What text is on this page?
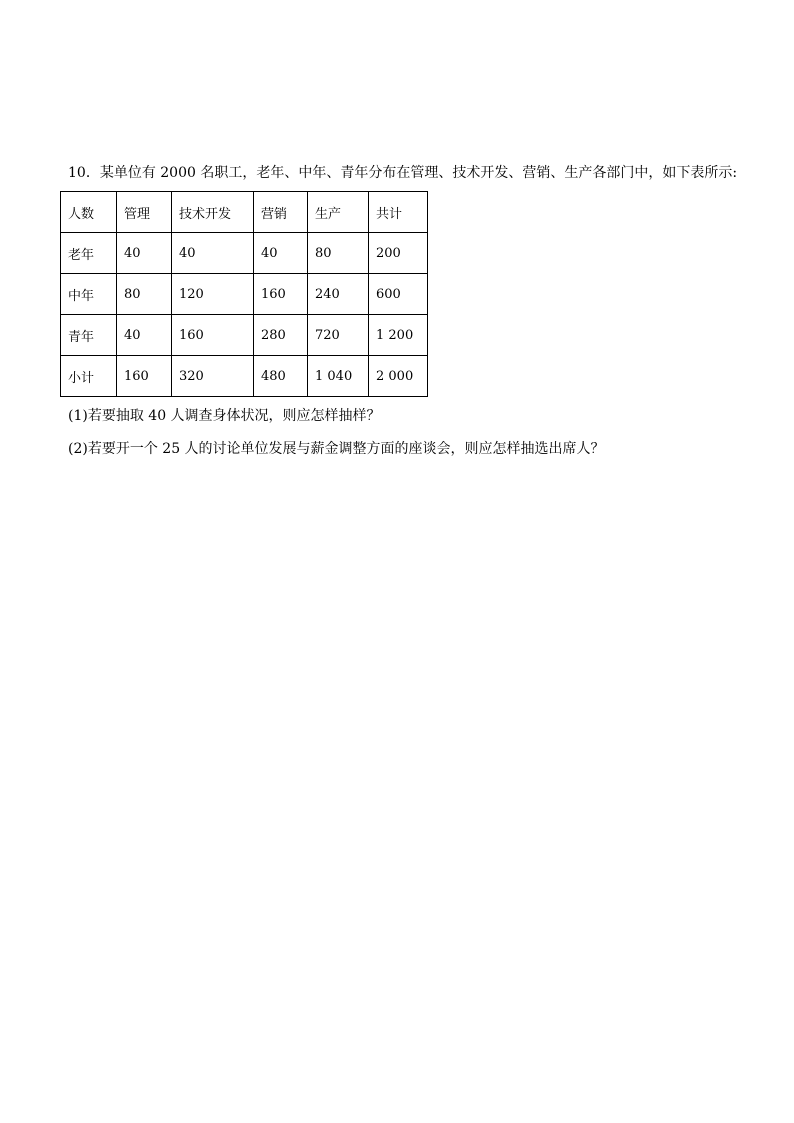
10．某单位有 2000 名职工，老年、中年、青年分布在管理、技术开发、营销、生产各部门中，如下表所示:
人数	管理	技术开发	营销	生产	共计
老年	40	40	40	80	200
中年	80	120	160	240	600
青年	40	160	280	720	1 200
小计	160	320	480	1 040	2 000
(1)若要抽取 40 人调查身体状况，则应怎样抽样？
(2)若要开一个 25 人的讨论单位发展与薪金调整方面的座谈会，则应怎样抽选出席人？
